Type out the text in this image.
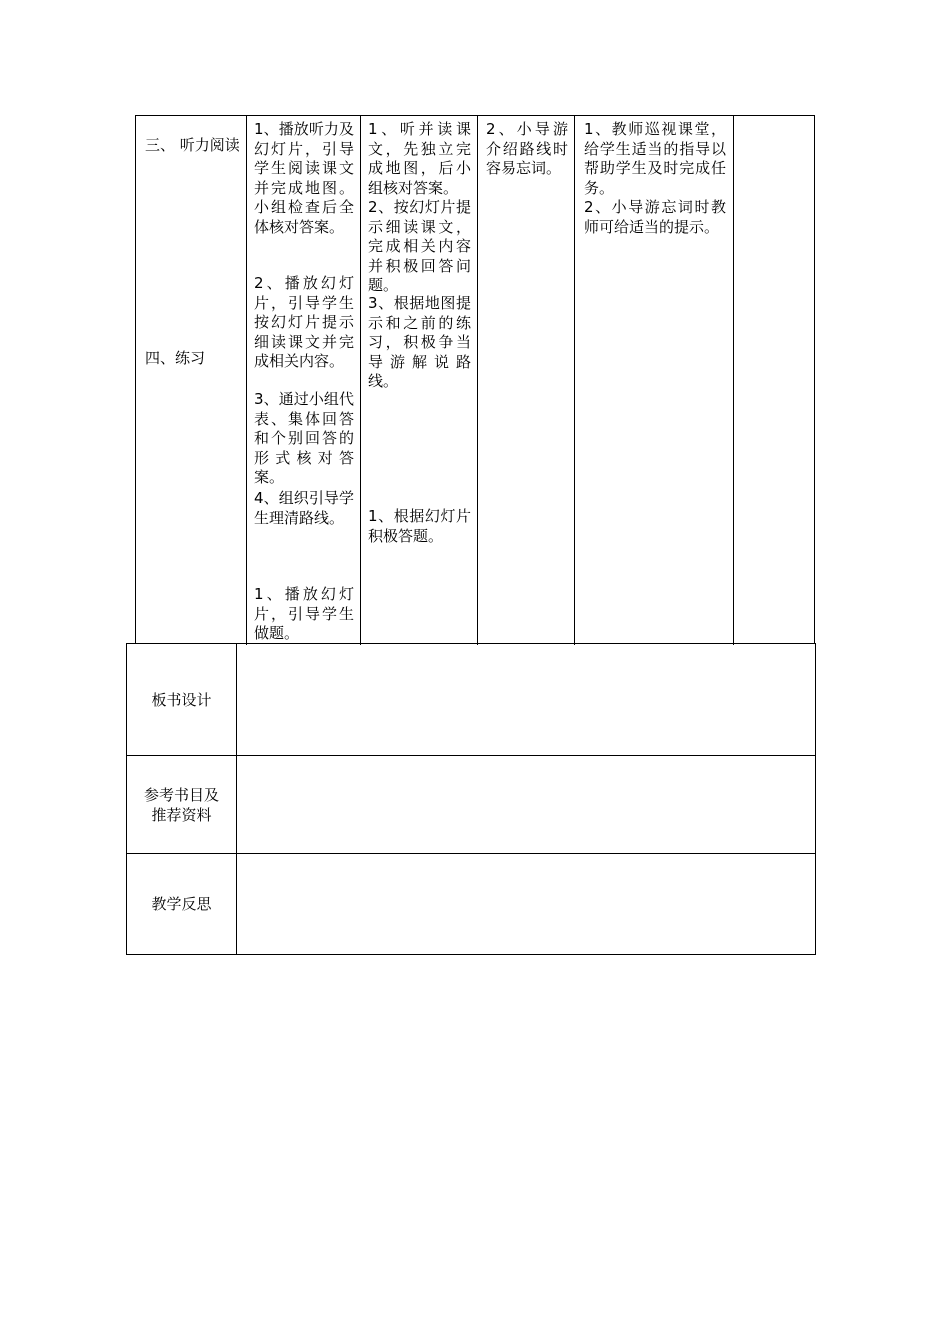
三、 听力阅读
四、练习

1、播放听力及幻灯片，引导学生阅读课文并完成地图。小组检查后全体核对答案。

2、播放幻灯片，引导学生按幻灯片提示细读课文并完成相关内容。

3、通过小组代表、集体回答和个别回答的形式核对答案。

4、组织引导学生理清路线。

1、播放幻灯片，引导学生做题。

1、听并读课文，先独立完成地图，后小组核对答案。

2、按幻灯片提示细读课文，完成相关内容并积极回答问题。

3、根据地图提示和之前的练习，积极争当导游解说路线。

1、根据幻灯片积极答题。

2、小导游介绍路线时容易忘词。

1、教师巡视课堂，给学生适当的指导以帮助学生及时完成任务。

2、小导游忘词时教师可给适当的提示。

板书设计
参考书目及推荐资料
教学反思
